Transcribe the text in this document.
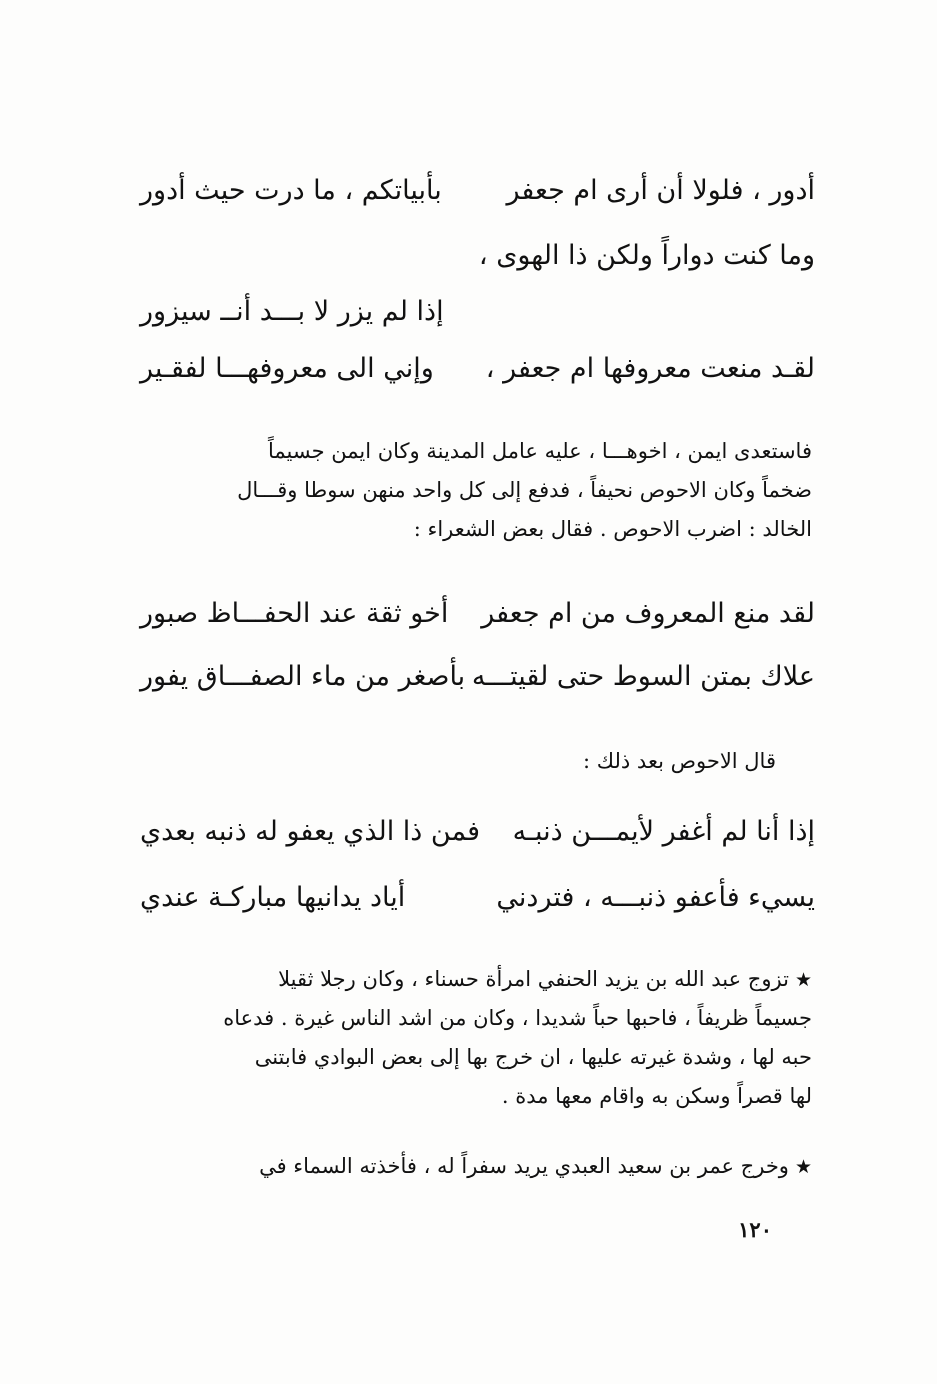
أدور ، فلولا أن أرى ام جعفر
بأبياتكم ، ما درت حيث أدور
وما كنت دواراً ولكن ذا الهوى ،
إذا لم يزر لا بـــد أنــ سيزور
لقـد منعت معروفها ام جعفر ،
وإني الى معروفهـــا لفقـير
فاستعدى ايمن ، اخوهـــا ، عليه عامل المدينة وكان ايمن جسيماً
ضخماً وكان الاحوص نحيفاً ، فدفع إلى كل واحد منهن سوطا وقـــال
الخالد : اضرب الاحوص . فقال بعض الشعراء :
لقد منع المعروف من ام جعفر
أخو ثقة عند الحفـــاظ صبور
علاك بمتن السوط حتى لقيتـــه
بأصغر من ماء الصفـــاق يفور
قال الاحوص بعد ذلك :
إذا أنا لم أغفر لأيمـــن ذنبـه
فمن ذا الذي يعفو له ذنبه بعدي
يسيء فأعفو ذنبـــه ، فتردني
أياد يدانيها مباركـة عندي
★تزوج عبد الله بن يزيد الحنفي امرأة حسناء ، وكان رجلا ثقيلا
جسيماً ظريفاً ، فاحبها حباً شديدا ، وكان من اشد الناس غيرة . فدعاه
حبه لها ، وشدة غيرته عليها ، ان خرج بها إلى بعض البوادي فابتنى
لها قصراً وسكن به واقام معها مدة .
★وخرج عمر بن سعيد العبدي يريد سفراً له ، فأخذته السماء في
١٢٠
